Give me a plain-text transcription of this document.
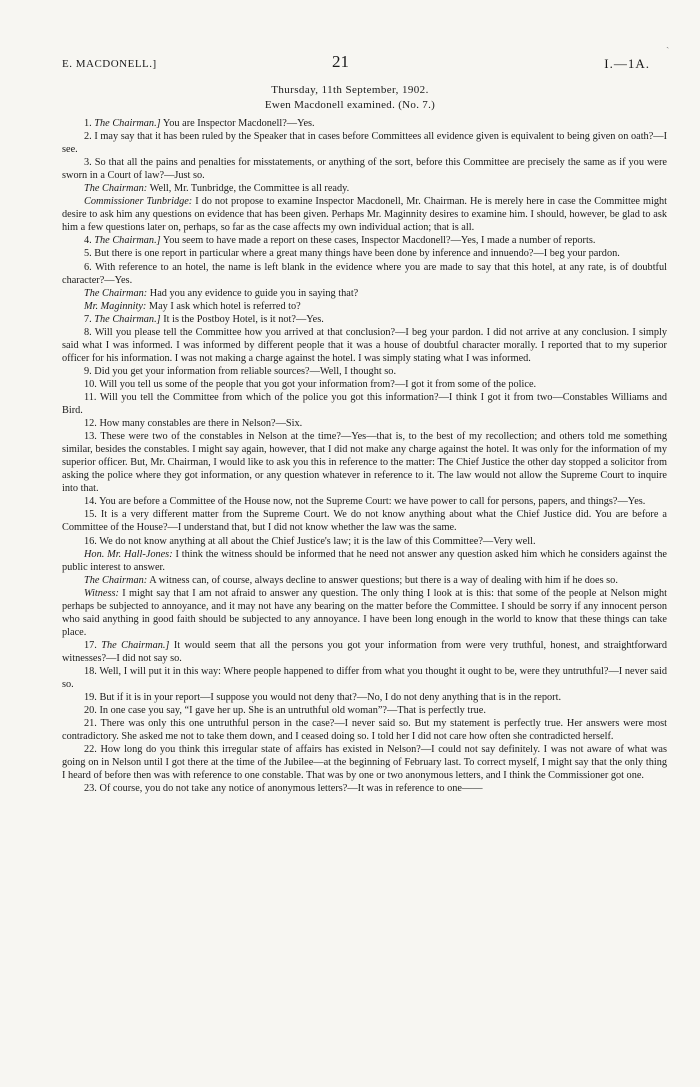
E. MACDONELL.]	21	I.—1A.
ˎ
Thursday, 11th September, 1902.
Ewen Macdonell examined. (No. 7.)

1. The Chairman.] You are Inspector Macdonell?—Yes.

2. I may say that it has been ruled by the Speaker that in cases before Committees all evidence given is equivalent to being given on oath?—I see.

3. So that all the pains and penalties for misstatements, or anything of the sort, before this Committee are precisely the same as if you were sworn in a Court of law?—Just so.

The Chairman: Well, Mr. Tunbridge, the Committee is all ready.

Commissioner Tunbridge: I do not propose to examine Inspector Macdonell, Mr. Chairman. He is merely here in case the Committee might desire to ask him any questions on evidence that has been given. Perhaps Mr. Maginnity desires to examine him. I should, however, be glad to ask him a few questions later on, perhaps, so far as the case affects my own individual action; that is all.

4. The Chairman.] You seem to have made a report on these cases, Inspector Macdonell?—Yes, I made a number of reports.

5. But there is one report in particular where a great many things have been done by inference and innuendo?—I beg your pardon.

6. With reference to an hotel, the name is left blank in the evidence where you are made to say that this hotel, at any rate, is of doubtful character?—Yes.

The Chairman: Had you any evidence to guide you in saying that?

Mr. Maginnity: May I ask which hotel is referred to?

7. The Chairman.] It is the Postboy Hotel, is it not?—Yes.

8. Will you please tell the Committee how you arrived at that conclusion?—I beg your pardon. I did not arrive at any conclusion. I simply said what I was informed. I was informed by different people that it was a house of doubtful character morally. I reported that to my superior officer for his information. I was not making a charge against the hotel. I was simply stating what I was informed.

9. Did you get your information from reliable sources?—Well, I thought so.

10. Will you tell us some of the people that you got your information from?—I got it from some of the police.

11. Will you tell the Committee from which of the police you got this information?—I think I got it from two—Constables Williams and Bird.

12. How many constables are there in Nelson?—Six.

13. These were two of the constables in Nelson at the time?—Yes—that is, to the best of my recollection; and others told me something similar, besides the constables. I might say again, however, that I did not make any charge against the hotel. It was only for the information of my superior officer. But, Mr. Chairman, I would like to ask you this in reference to the matter: The Chief Justice the other day stopped a solicitor from asking the police where they got information, or any question whatever in reference to it. The law would not allow the Supreme Court to inquire into that.

14. You are before a Committee of the House now, not the Supreme Court: we have power to call for persons, papers, and things?—Yes.

15. It is a very different matter from the Supreme Court. We do not know anything about what the Chief Justice did. You are before a Committee of the House?—I understand that, but I did not know whether the law was the same.

16. We do not know anything at all about the Chief Justice's law; it is the law of this Committee?—Very well.

Hon. Mr. Hall-Jones: I think the witness should be informed that he need not answer any question asked him which he considers against the public interest to answer.

The Chairman: A witness can, of course, always decline to answer questions; but there is a way of dealing with him if he does so.

Witness: I might say that I am not afraid to answer any question. The only thing I look at is this: that some of the people at Nelson might perhaps be subjected to annoyance, and it may not have any bearing on the matter before the Committee. I should be sorry if any innocent person who said anything in good faith should be subjected to any annoyance. I have been long enough in the world to know that these things can take place.

17. The Chairman.] It would seem that all the persons you got your information from were very truthful, honest, and straightforward witnesses?—I did not say so.

18. Well, I will put it in this way: Where people happened to differ from what you thought it ought to be, were they untruthful?—I never said so.

19. But if it is in your report—I suppose you would not deny that?—No, I do not deny anything that is in the report.

20. In one case you say, “I gave her up. She is an untruthful old woman”?—That is perfectly true.

21. There was only this one untruthful person in the case?—I never said so. But my statement is perfectly true. Her answers were most contradictory. She asked me not to take them down, and I ceased doing so. I told her I did not care how often she contradicted herself.

22. How long do you think this irregular state of affairs has existed in Nelson?—I could not say definitely. I was not aware of what was going on in Nelson until I got there at the time of the Jubilee—at the beginning of February last. To correct myself, I might say that the only thing I heard of before then was with reference to one constable. That was by one or two anonymous letters, and I think the Commissioner got one.

23. Of course, you do not take any notice of anonymous letters?—It was in reference to one——
